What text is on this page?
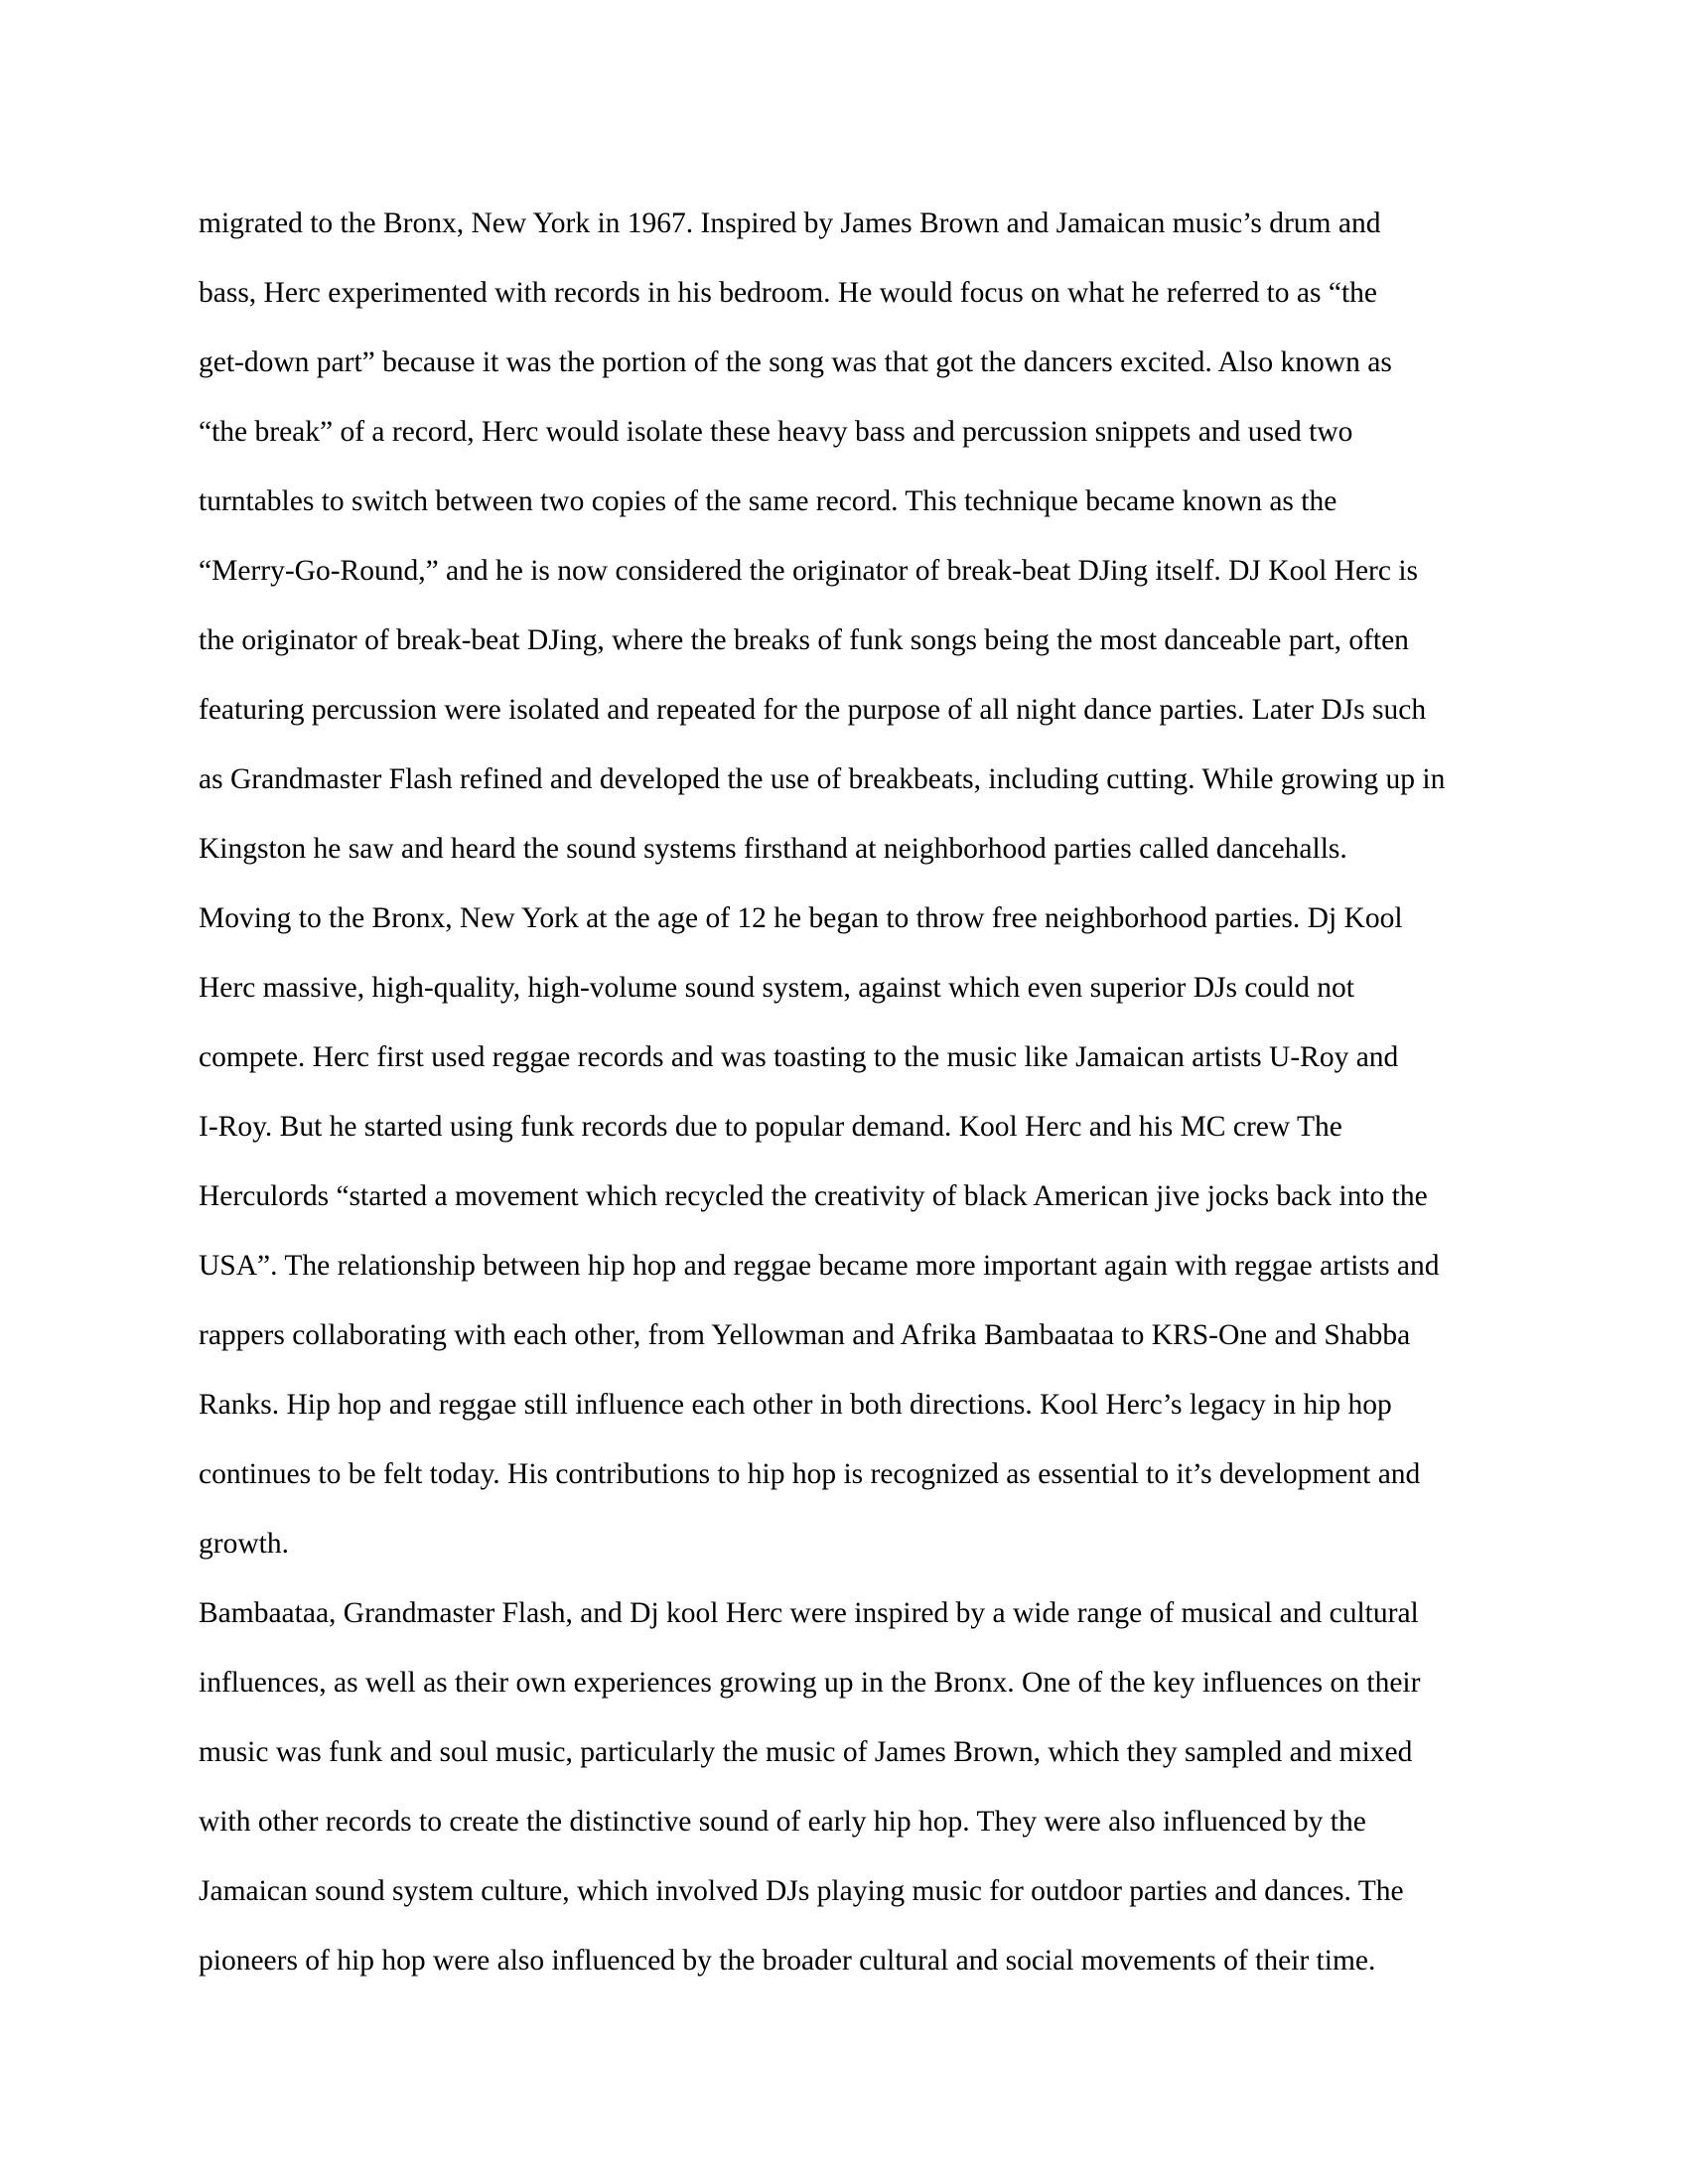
migrated to the Bronx, New York in 1967. Inspired by James Brown and Jamaican music’s drum and
bass, Herc experimented with records in his bedroom. He would focus on what he referred to as “the
get-down part” because it was the portion of the song was that got the dancers excited. Also known as
“the break” of a record, Herc would isolate these heavy bass and percussion snippets and used two
turntables to switch between two copies of the same record. This technique became known as the
“Merry-Go-Round,” and he is now considered the originator of break-beat DJing itself. DJ Kool Herc is
the originator of break-beat DJing, where the breaks of funk songs being the most danceable part, often
featuring percussion were isolated and repeated for the purpose of all night dance parties. Later DJs such
as Grandmaster Flash refined and developed the use of breakbeats, including cutting. While growing up in
Kingston he saw and heard the sound systems firsthand at neighborhood parties called dancehalls.
Moving to the Bronx, New York at the age of 12 he began to throw free neighborhood parties. Dj Kool
Herc massive, high-quality, high-volume sound system, against which even superior DJs could not
compete. Herc first used reggae records and was toasting to the music like Jamaican artists U-Roy and
I-Roy. But he started using funk records due to popular demand. Kool Herc and his MC crew The
Herculords “started a movement which recycled the creativity of black American jive jocks back into the
USA”. The relationship between hip hop and reggae became more important again with reggae artists and
rappers collaborating with each other, from Yellowman and Afrika Bambaataa to KRS-One and Shabba
Ranks. Hip hop and reggae still influence each other in both directions. Kool Herc’s legacy in hip hop
continues to be felt today. His contributions to hip hop is recognized as essential to it’s development and
growth.
Bambaataa, Grandmaster Flash, and Dj kool Herc were inspired by a wide range of musical and cultural
influences, as well as their own experiences growing up in the Bronx. One of the key influences on their
music was funk and soul music, particularly the music of James Brown, which they sampled and mixed
with other records to create the distinctive sound of early hip hop. They were also influenced by the
Jamaican sound system culture, which involved DJs playing music for outdoor parties and dances. The
pioneers of hip hop were also influenced by the broader cultural and social movements of their time.
